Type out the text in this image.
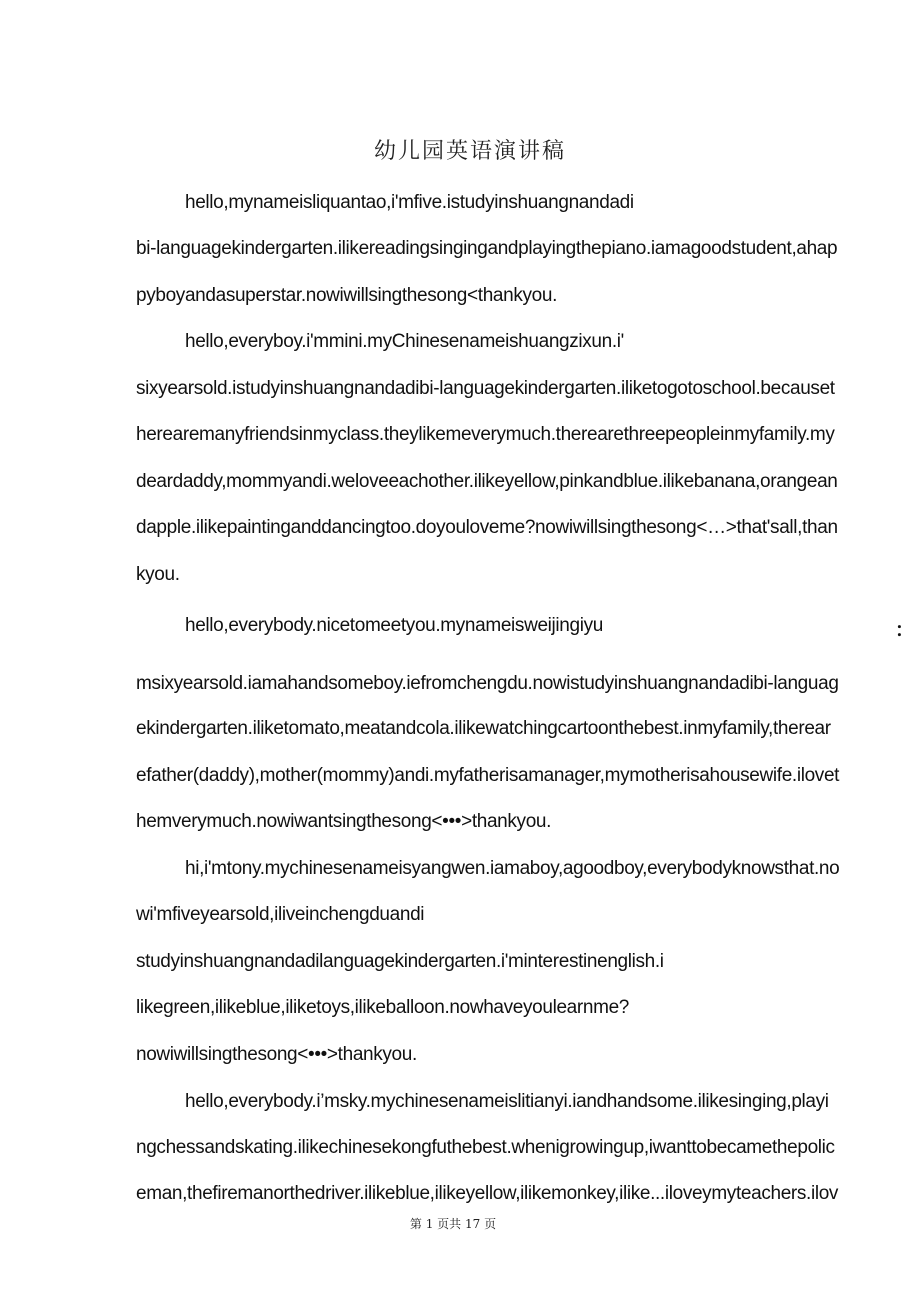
幼儿园英语演讲稿
hello,mynameisliquantao,i'mfive.istudyinshuangnandadi
bi-languagekindergarten.ilikereadingsingingandplayingthepiano.iamagoodstudent,ahap
pyboyandasuperstar.nowiwillsingthesong<thankyou.
hello,everyboy.i'mmini.myChinesenameishuangzixun.i'
sixyearsold.istudyinshuangnandadibi-languagekindergarten.iliketogotoschool.becauset
herearemanyfriendsinmyclass.theylikemeverymuch.therearethreepeopleinmyfamily.my
deardaddy,mommyandi.weloveeachother.ilikeyellow,pinkandblue.ilikebanana,orangean
dapple.ilikepaintinganddancingtoo.doyouloveme?nowiwillsingthesong<…>that'sall,than
kyou.
hello,everybody.nicetomeetyou.mynameisweijingiyu	：
msixyearsold.iamahandsomeboy.iefromchengdu.nowistudyinshuangnandadibi-languag
ekindergarten.iliketomato,meatandcola.ilikewatchingcartoonthebest.inmyfamily,therear
efather(daddy),mother(mommy)andi.myfatherisamanager,mymotherisahousewife.ilovet
hemverymuch.nowiwantsingthesong<•••>thankyou.
hi,i'mtony.mychinesenameisyangwen.iamaboy,agoodboy,everybodyknowsthat.no
wi'mfiveyearsold,iliveinchengduandi
studyinshuangnandadilanguagekindergarten.i'minterestinenglish.i
likegreen,ilikeblue,iliketoys,ilikeballoon.nowhaveyoulearnme?
nowiwillsingthesong<•••>thankyou.
hello,everybody.i’msky.mychinesenameislitianyi.iandhandsome.ilikesinging,playi
ngchessandskating.ilikechinesekongfuthebest.whenigrowingup,iwanttobecamethepolic
eman,thefiremanorthedriver.ilikeblue,ilikeyellow,ilikemonkey,ilike...iloveymyteachers.ilov
第 1 页共 17 页
